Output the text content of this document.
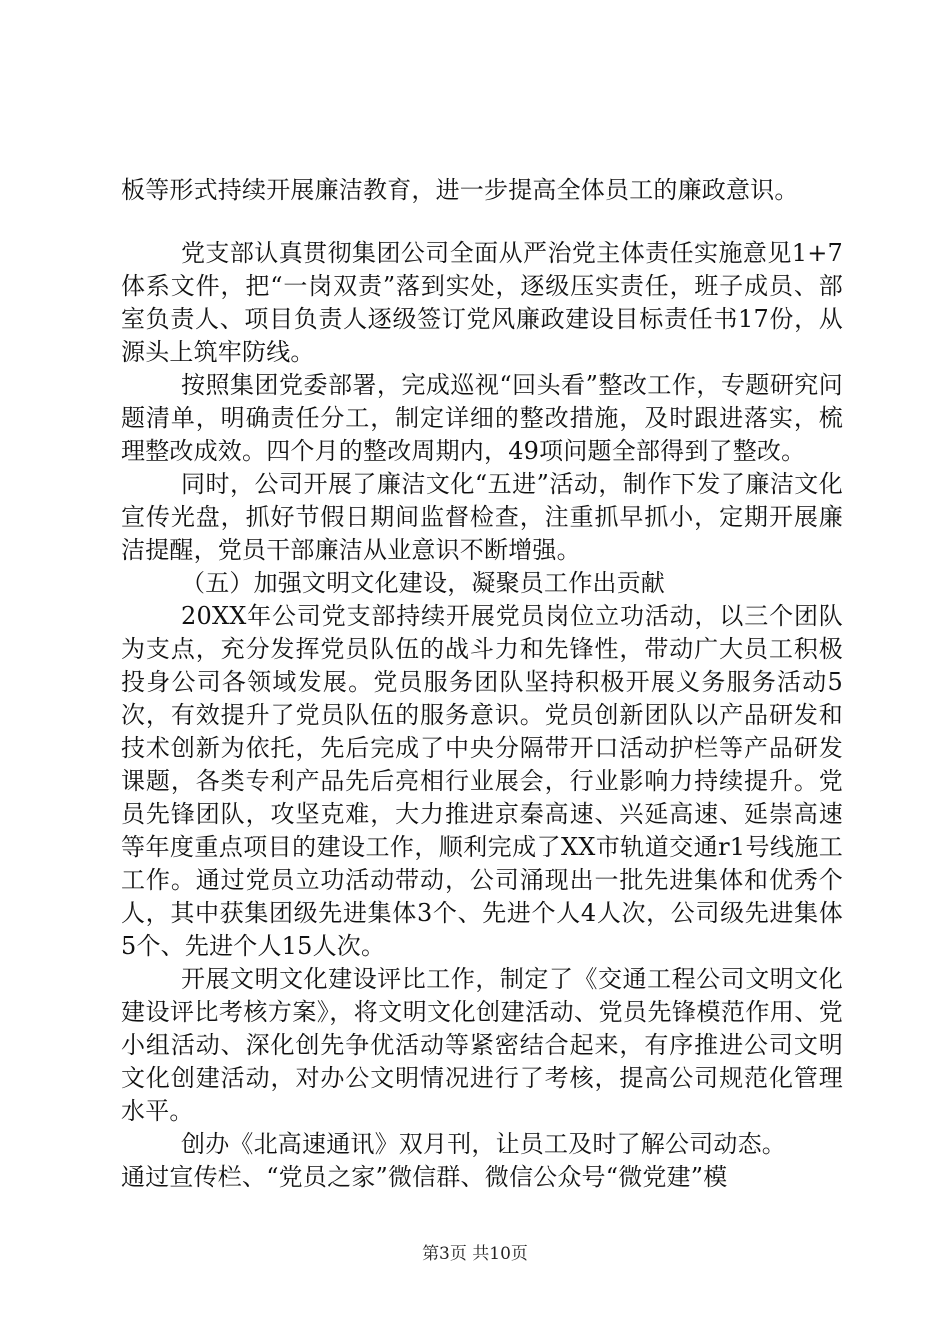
板等形式持续开展廉洁教育，进一步提高全体员工的廉政意识。

党支部认真贯彻集团公司全面从严治党主体责任实施意见1+7体系文件，把“一岗双责”落到实处，逐级压实责任，班子成员、部室负责人、项目负责人逐级签订党风廉政建设目标责任书17份，从源头上筑牢防线。

按照集团党委部署，完成巡视“回头看”整改工作，专题研究问题清单，明确责任分工，制定详细的整改措施，及时跟进落实，梳理整改成效。四个月的整改周期内，49项问题全部得到了整改。

同时，公司开展了廉洁文化“五进”活动，制作下发了廉洁文化宣传光盘，抓好节假日期间监督检查，注重抓早抓小，定期开展廉洁提醒，党员干部廉洁从业意识不断增强。

（五）加强文明文化建设，凝聚员工作出贡献

20XX年公司党支部持续开展党员岗位立功活动，以三个团队为支点，充分发挥党员队伍的战斗力和先锋性，带动广大员工积极投身公司各领域发展。党员服务团队坚持积极开展义务服务活动5次，有效提升了党员队伍的服务意识。党员创新团队以产品研发和技术创新为依托，先后完成了中央分隔带开口活动护栏等产品研发课题，各类专利产品先后亮相行业展会，行业影响力持续提升。党员先锋团队，攻坚克难，大力推进京秦高速、兴延高速、延崇高速等年度重点项目的建设工作，顺利完成了XX市轨道交通r1号线施工工作。通过党员立功活动带动，公司涌现出一批先进集体和优秀个人，其中获集团级先进集体3个、先进个人4人次，公司级先进集体5个、先进个人15人次。

开展文明文化建设评比工作，制定了《交通工程公司文明文化建设评比考核方案》，将文明文化创建活动、党员先锋模范作用、党小组活动、深化创先争优活动等紧密结合起来，有序推进公司文明文化创建活动，对办公文明情况进行了考核，提高公司规范化管理水平。

创办《北高速通讯》双月刊，让员工及时了解公司动态。

通过宣传栏、“党员之家”微信群、微信公众号“微党建”模

第3页 共10页
